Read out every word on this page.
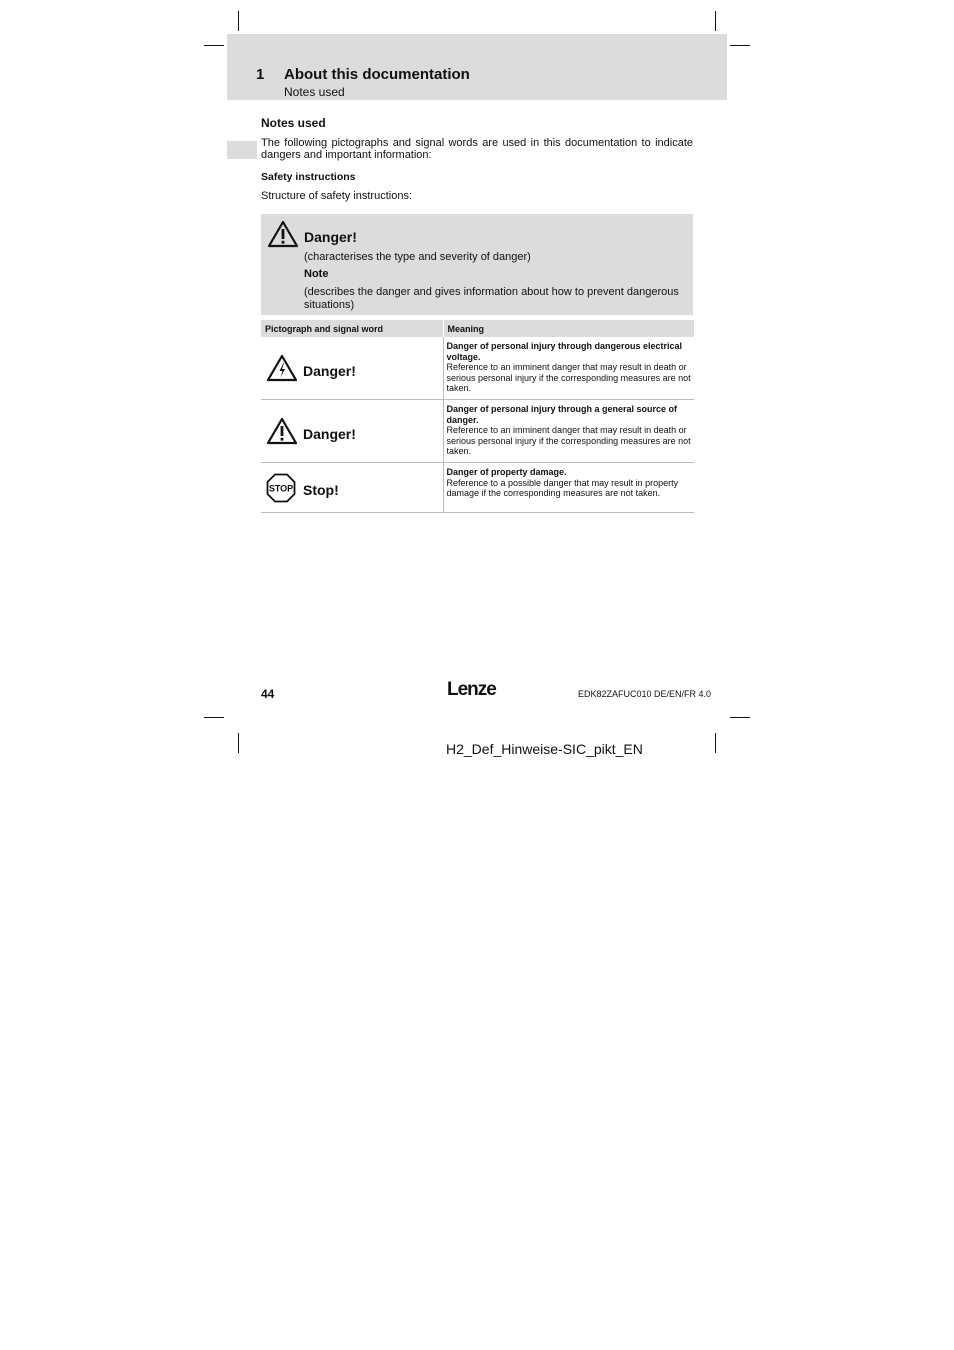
1 About this documentation
Notes used
Notes used
The following pictographs and signal words are used in this documentation to indicate dangers and important information:
Safety instructions
Structure of safety instructions:
Danger!
(characterises the type and severity of danger)
Note
(describes the danger and gives information about how to prevent dangerous situations)
Pictograph and signal word	Meaning

Danger!	Danger of personal injury through dangerous electrical voltage.
Reference to an imminent danger that may result in death or serious personal injury if the corresponding measures are not taken.

Danger!	Danger of personal injury through a general source of danger.
Reference to an imminent danger that may result in death or serious personal injury if the corresponding measures are not taken.

STOP Stop!	Danger of property damage.
Reference to a possible danger that may result in property damage if the corresponding measures are not taken.
44	Lenze	EDK82ZAFUC010 DE/EN/FR 4.0
H2_Def_Hinweise-SIC_pikt_EN
